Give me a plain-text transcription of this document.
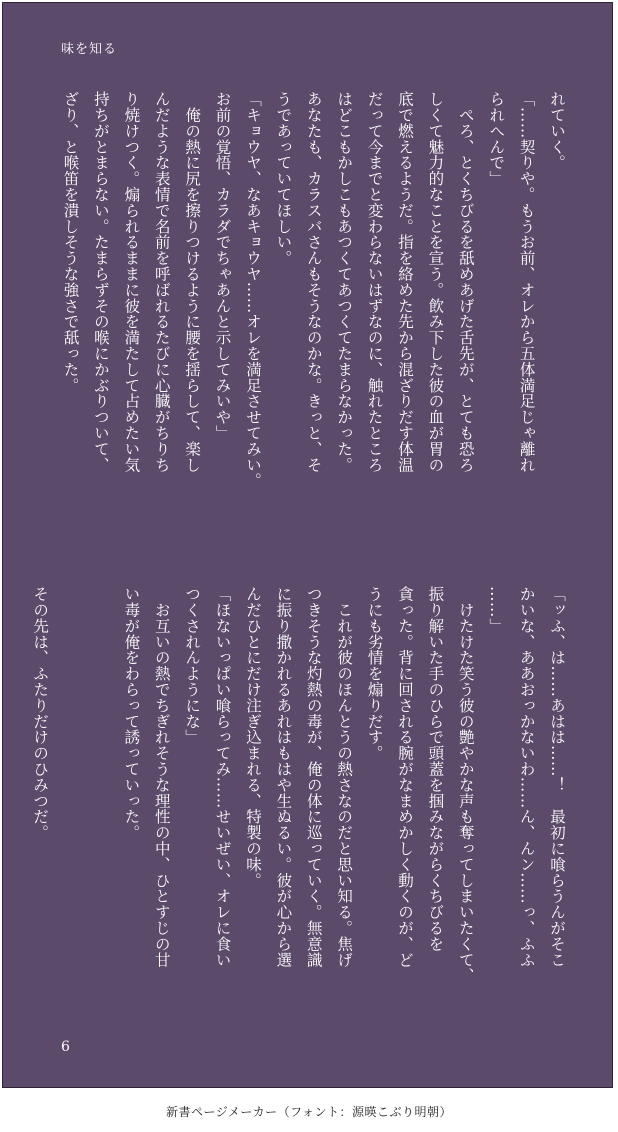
味を知る
れていく。
「……契りや。もうお前、オレから五体満足じゃ離れ
られへんで」
　ぺろ、とくちびるを舐めあげた舌先が、とても恐ろ
しくて魅力的なことを宣う。飲み下した彼の血が胃の
底で燃えるようだ。指を絡めた先から混ざりだす体温
だって今までと変わらないはずなのに、触れたところ
はどこもかしこもあつくてあつくてたまらなかった。
あなたも、カラスバさんもそうなのかな。きっと、そ
うであっていてほしい。
「キョウヤ、なあキョウヤ……オレを満足させてみい。
お前の覚悟、カラダでちゃあんと示してみいや」
　俺の熱に尻を擦りつけるように腰を揺らして、楽し
んだような表情で名前を呼ばれるたびに心臓がちりち
り焼けつく。煽られるままに彼を満たして占めたい気
持ちがとまらない。たまらずその喉にかぶりついて、
ざり、と喉笛を潰しそうな強さで舐った。
「ッふ、は……あはは……！　最初に喰らうんがそこ
かいな、ああおっかないわ……ん、んン……っ、ふふ
……」
　けたけた笑う彼の艶やかな声も奪ってしまいたくて、
振り解いた手のひらで頭蓋を掴みながらくちびるを
貪った。背に回される腕がなまめかしく動くのが、ど
うにも劣情を煽りだす。
　これが彼のほんとうの熱さなのだと思い知る。焦げ
つきそうな灼熱の毒が、俺の体に巡っていく。無意識
に振り撒かれるあれはもはや生ぬるい。彼が心から選
んだひとにだけ注ぎ込まれる、特製の味。
「ほないっぱい喰らってみ……せいぜい、オレに食い
つくされんようにな」
　お互いの熱でちぎれそうな理性の中、ひとすじの甘
い毒が俺をわらって誘っていった。

その先は、ふたりだけのひみつだ。
6
新書ページメーカー（フォント：源暎こぶり明朝）
